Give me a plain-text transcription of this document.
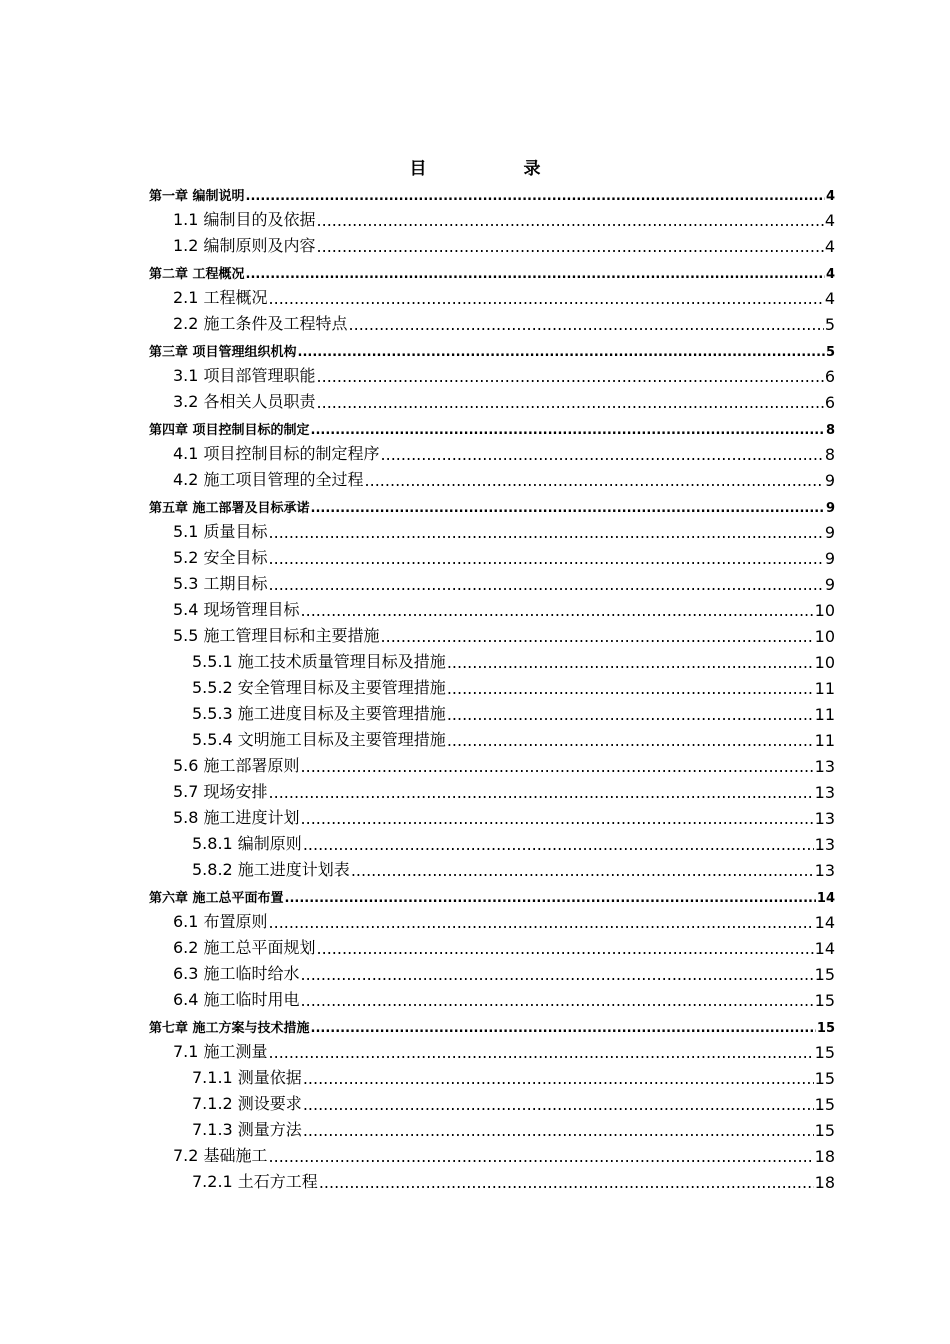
目　录
第一章 编制说明 .....	4
1.1 编制目的及依据 .....	4
1.2 编制原则及内容 .....	4
第二章 工程概况 .....	4
2.1 工程概况 .....	4
2.2 施工条件及工程特点 .....	5
第三章 项目管理组织机构 .....	5
3.1 项目部管理职能 .....	6
3.2 各相关人员职责 .....	6
第四章 项目控制目标的制定 .....	8
4.1 项目控制目标的制定程序 .....	8
4.2 施工项目管理的全过程 .....	9
第五章 施工部署及目标承诺 .....	9
5.1 质量目标 .....	9
5.2 安全目标 .....	9
5.3 工期目标 .....	9
5.4 现场管理目标 .....	10
5.5 施工管理目标和主要措施 .....	10
5.5.1 施工技术质量管理目标及措施 .....	10
5.5.2 安全管理目标及主要管理措施 .....	11
5.5.3 施工进度目标及主要管理措施 .....	11
5.5.4 文明施工目标及主要管理措施 .....	11
5.6 施工部署原则 .....	13
5.7 现场安排 .....	13
5.8 施工进度计划 .....	13
5.8.1 编制原则 .....	13
5.8.2 施工进度计划表 .....	13
第六章 施工总平面布置 .....	14
6.1 布置原则 .....	14
6.2 施工总平面规划 .....	14
6.3 施工临时给水 .....	15
6.4 施工临时用电 .....	15
第七章 施工方案与技术措施 .....	15
7.1 施工测量 .....	15
7.1.1 测量依据 .....	15
7.1.2 测设要求 .....	15
7.1.3 测量方法 .....	15
7.2 基础施工 .....	18
7.2.1 土石方工程 .....	18
